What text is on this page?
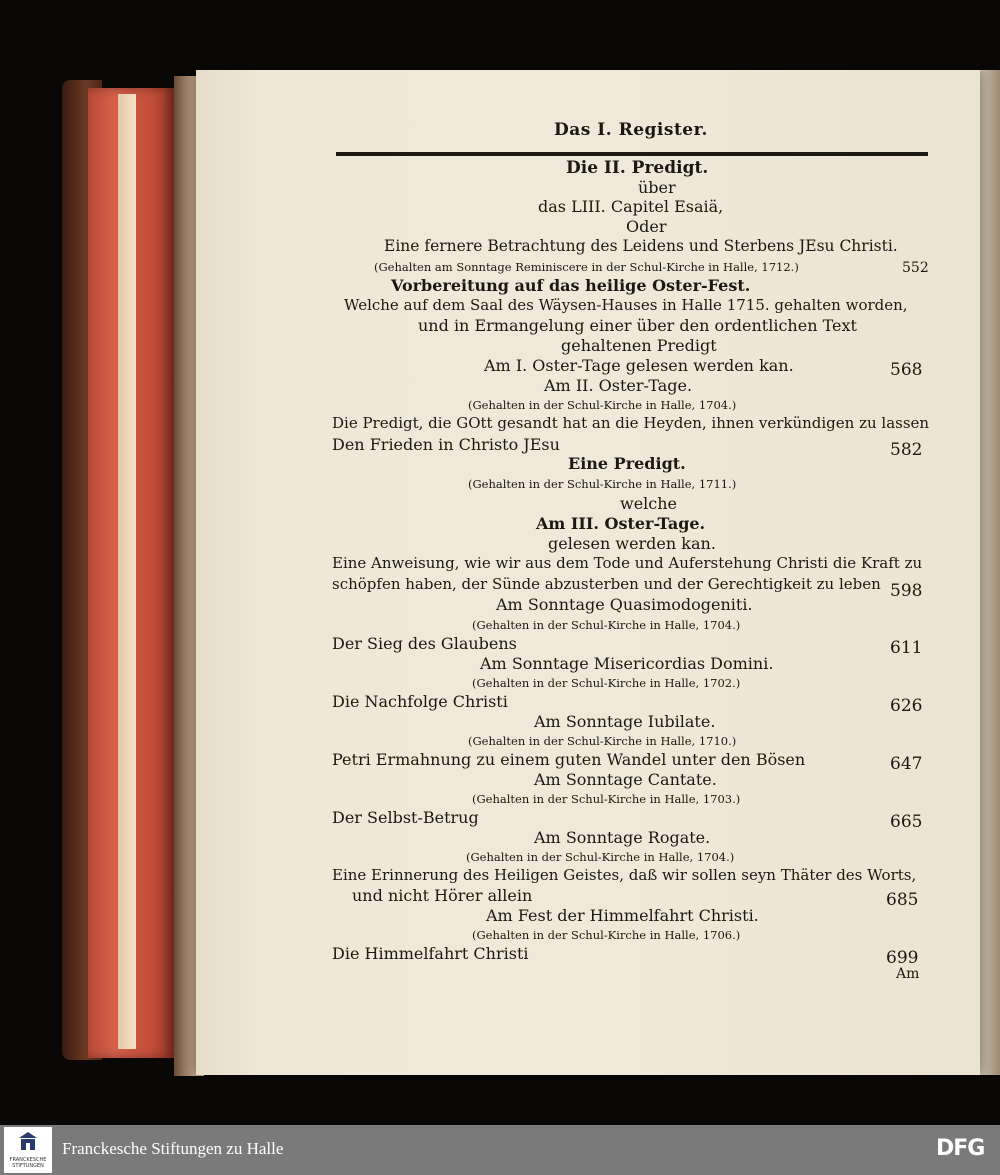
Das I. Register.
Die II. Predigt.
über
das LIII. Capitel Esaiä,
Oder
Eine fernere Betrachtung des Leidens und Sterbens JEsu Christi.
(Gehalten am Sonntage Reminiscere in der Schul-Kirche in Halle, 1712.)	552
Vorbereitung auf das heilige Oster-Fest.
Welche auf dem Saal des Wäysen-Hauses in Halle 1715. gehalten worden,
und in Ermangelung einer über den ordentlichen Text
gehaltenen Predigt
Am I. Oster-Tage gelesen werden kan.	568
Am II. Oster-Tage.
(Gehalten in der Schul-Kirche in Halle, 1704.)
Die Predigt, die GOtt gesandt hat an die Heyden, ihnen verkündigen zu lassen
Den Frieden in Christo JEsu	582
Eine Predigt.
(Gehalten in der Schul-Kirche in Halle, 1711.)
welche
Am III. Oster-Tage.
gelesen werden kan.
Eine Anweisung, wie wir aus dem Tode und Auferstehung Christi die Kraft zu
schöpfen haben, der Sünde abzusterben und der Gerechtigkeit zu leben 598
Am Sonntage Quasimodogeniti.
(Gehalten in der Schul-Kirche in Halle, 1704.)
Der Sieg des Glaubens	611
Am Sonntage Misericordias Domini.
(Gehalten in der Schul-Kirche in Halle, 1702.)
Die Nachfolge Christi	626
Am Sonntage Iubilate.
(Gehalten in der Schul-Kirche in Halle, 1710.)
Petri Ermahnung zu einem guten Wandel unter den Bösen	647
Am Sonntage Cantate.
(Gehalten in der Schul-Kirche in Halle, 1703.)
Der Selbst-Betrug	665
Am Sonntage Rogate.
(Gehalten in der Schul-Kirche in Halle, 1704.)
Eine Erinnerung des Heiligen Geistes, daß wir sollen seyn Thäter des Worts,
und nicht Hörer allein	685
Am Fest der Himmelfahrt Christi.
(Gehalten in der Schul-Kirche in Halle, 1706.)
Die Himmelfahrt Christi	699
Am
FRANCKESCHE
STIFTUNGEN
Franckesche Stiftungen zu Halle	DFG
